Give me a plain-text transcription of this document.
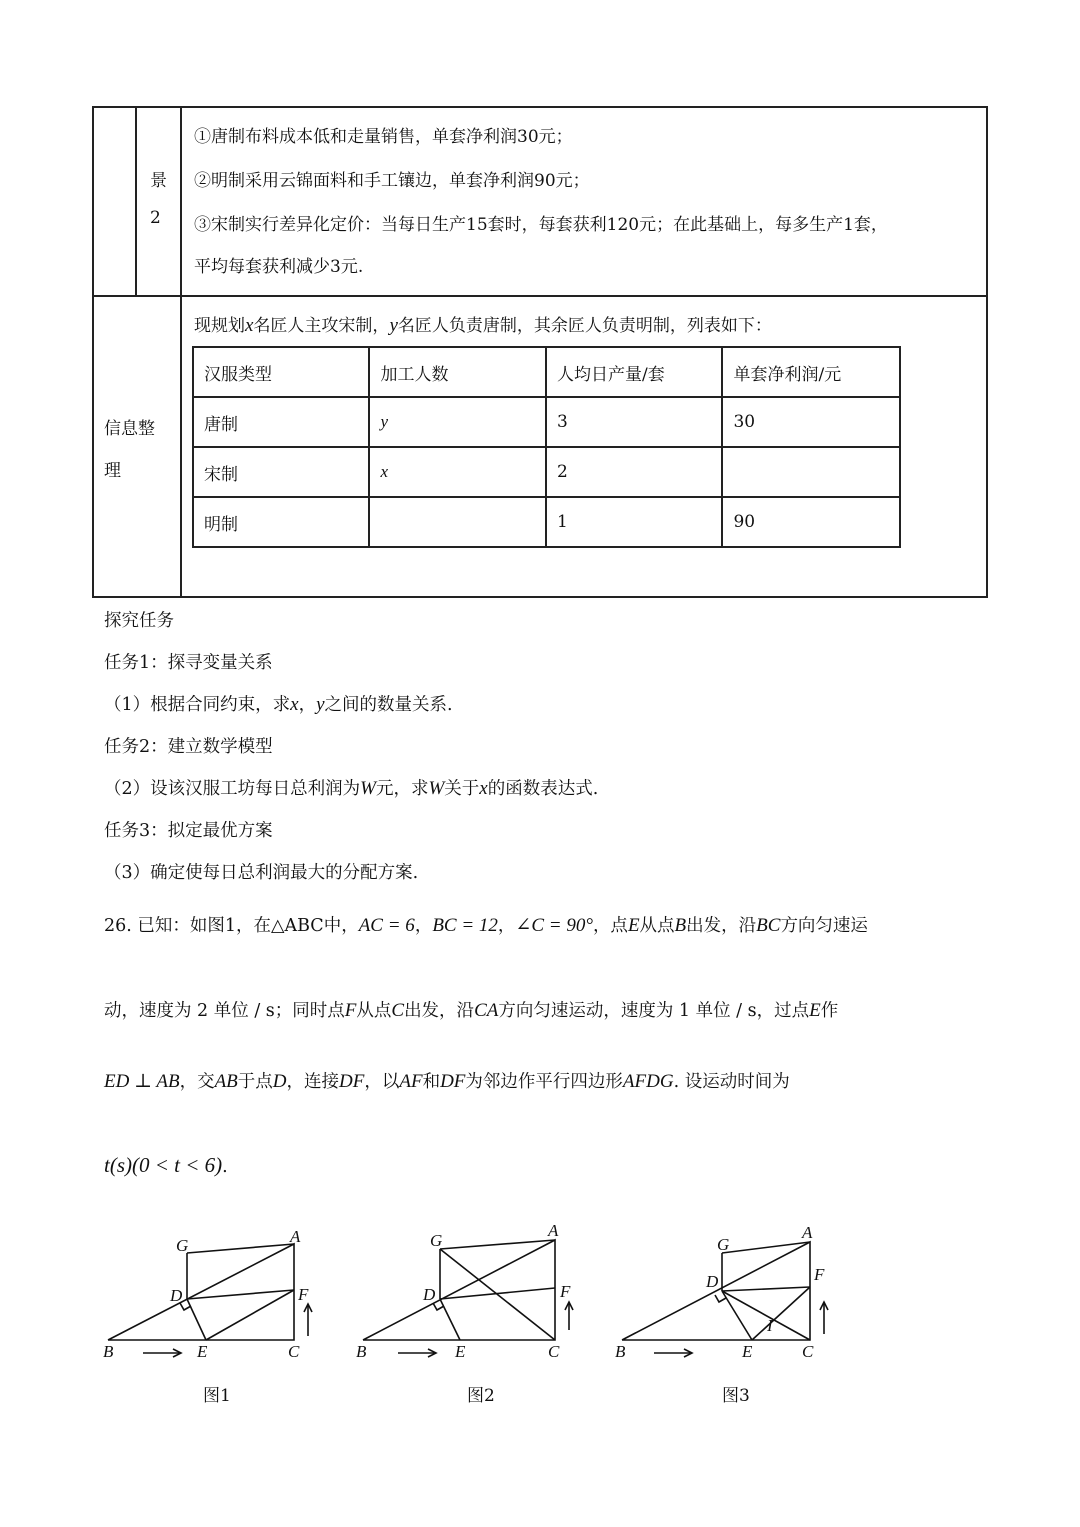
景
2
①唐制布料成本低和走量销售，单套净利润30元；
②明制采用云锦面料和手工镶边，单套净利润90元；
③宋制实行差异化定价：当每日生产15套时，每套获利120元；在此基础上，每多生产1套，
平均每套获利减少3元.
信息整
理
现规划x名匠人主攻宋制，y名匠人负责唐制，其余匠人负责明制，列表如下：
汉服类型	加工人数	人均日产量/套	单套净利润/元
唐制	y	3	30
宋制	x	2	
明制		1	90
探究任务
任务1：探寻变量关系
（1）根据合同约束，求x，y之间的数量关系.
任务2：建立数学模型
（2）设该汉服工坊每日总利润为W元，求W关于x的函数表达式.
任务3：拟定最优方案
（3）确定使每日总利润最大的分配方案.
26. 已知：如图1，在△ABC中，AC = 6，BC = 12，∠C = 90°，点E从点B出发，沿BC方向匀速运
动，速度为 2 单位 / s；同时点F从点C出发，沿CA方向匀速运动，速度为 1 单位 / s，过点E作
ED ⊥ AB，交AB于点D，连接DF，以AF和DF为邻边作平行四边形AFDG. 设运动时间为
t(s)(0 < t < 6).
G	A
D	F
B	E	C
G
A
D	F
B	E	C
G
A
D	F
I
B	E	C
图1	图2	图3
